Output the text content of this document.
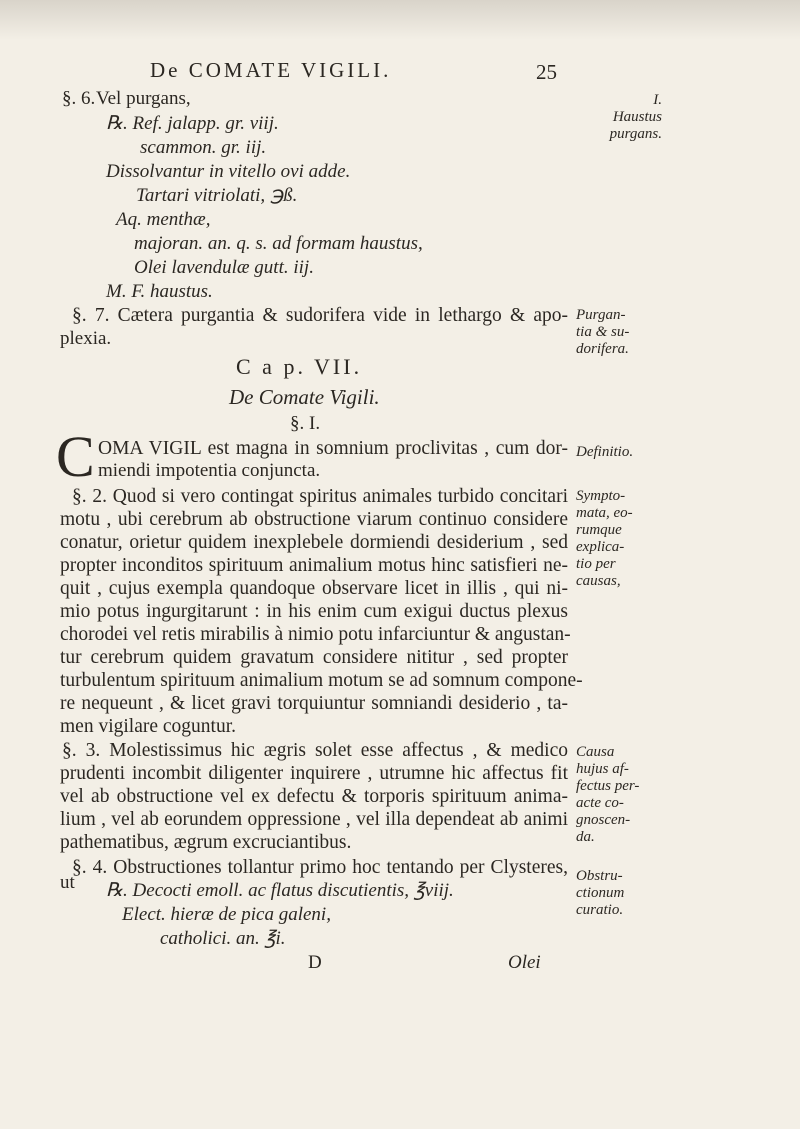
De COMATE VIGILI.	25
§. 6. Vel purgans,
℞. Ref. jalapp. gr. viij.
scammon. gr. iij.
Dissolvantur in vitello ovi adde.
Tartari vitriolati, ℈ß.
Aq. menthæ,
majoran. an. q. s. ad formam haustus,
Olei lavendulæ gutt. iij.
M. F. haustus.
§. 7. Cætera purgantia & sudorifera vide in lethargo & apo-
plexia.
C a p. VII.
De Comate Vigili.
§. I.
C OMA VIGIL est magna in somnium proclivitas , cum dor-
miendi impotentia conjuncta.
§. 2. Quod si vero contingat spiritus animales turbido concitari
motu , ubi cerebrum ab obstructione viarum continuo considere
conatur, orietur quidem inexplebele dormiendi desiderium , sed
propter inconditos spirituum animalium motus hinc satisfieri ne-
quit , cujus exempla quandoque observare licet in illis , qui ni-
mio potus ingurgitarunt : in his enim cum exigui ductus plexus
chorodei vel retis mirabilis à nimio potu infarciuntur & angustan-
tur cerebrum quidem gravatum considere nititur , sed propter
turbulentum spirituum animalium motum se ad somnum compone-
re nequeunt , & licet gravi torquiuntur somniandi desiderio , ta-
men vigilare coguntur.
§. 3. Molestissimus hic ægris solet esse affectus , & medico
prudenti incombit diligenter inquirere , utrumne hic affectus fit
vel ab obstructione vel ex defectu & torporis spirituum anima-
lium , vel ab eorundem oppressione , vel illa dependeat ab animi
pathematibus, ægrum excruciantibus.
§. 4. Obstructiones tollantur primo hoc tentando per Clysteres,
ut ℞. Decocti emoll. ac flatus discutientis, ℥viij.
Elect. hieræ de pica galeni,
catholici. an. ℥i.
D	Olei
I.
Haustus
purgans.
Purgan-
tia & su-
dorifera.
Definitio.
Sympto-
mata, eo-
rumque
explica-
tio per
causas,
Causa
hujus af-
fectus per-
acte co-
gnoscen-
da.
Obstru-
ctionum
curatio.
